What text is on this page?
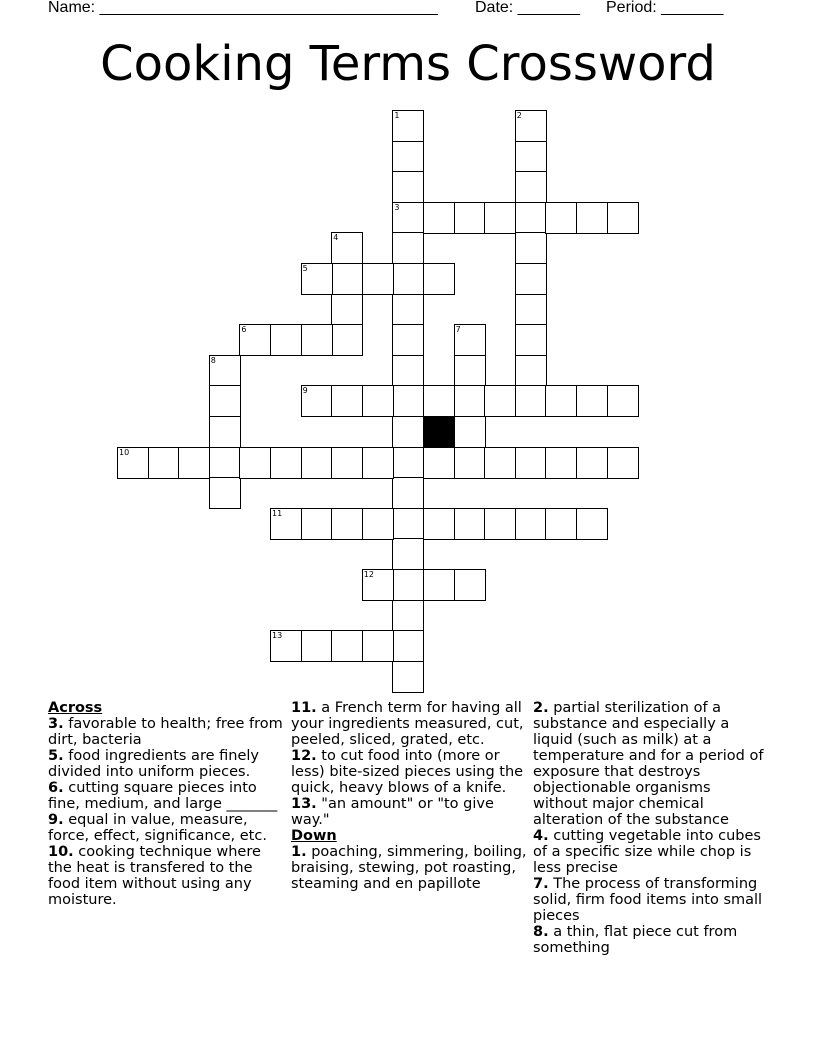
Name: ______________________________________ Date: _______ Period: _______
Cooking Terms Crossword
1
3
2
4
5
6	7
8
9
10
11
12
13
Across

3. favorable to health; free from dirt, bacteria

5. food ingredients are finely divided into uniform pieces.

6. cutting square pieces into fine, medium, and large _______

9. equal in value, measure, force, effect, significance, etc.

10. cooking technique where the heat is transfered to the food item without using any moisture.

11. a French term for having all your ingredients measured, cut, peeled, sliced, grated, etc.

12. to cut food into (more or less) bite-sized pieces using the quick, heavy blows of a knife.

13. "an amount" or "to give way."

Down

1. poaching, simmering, boiling, braising, stewing, pot roasting, steaming and en papillote

2. partial sterilization of a substance and especially a liquid (such as milk) at a temperature and for a period of exposure that destroys objectionable organisms without major chemical alteration of the substance

4. cutting vegetable into cubes of a specific size while chop is less precise

7. The process of transforming solid, firm food items into small pieces

8. a thin, flat piece cut from something
